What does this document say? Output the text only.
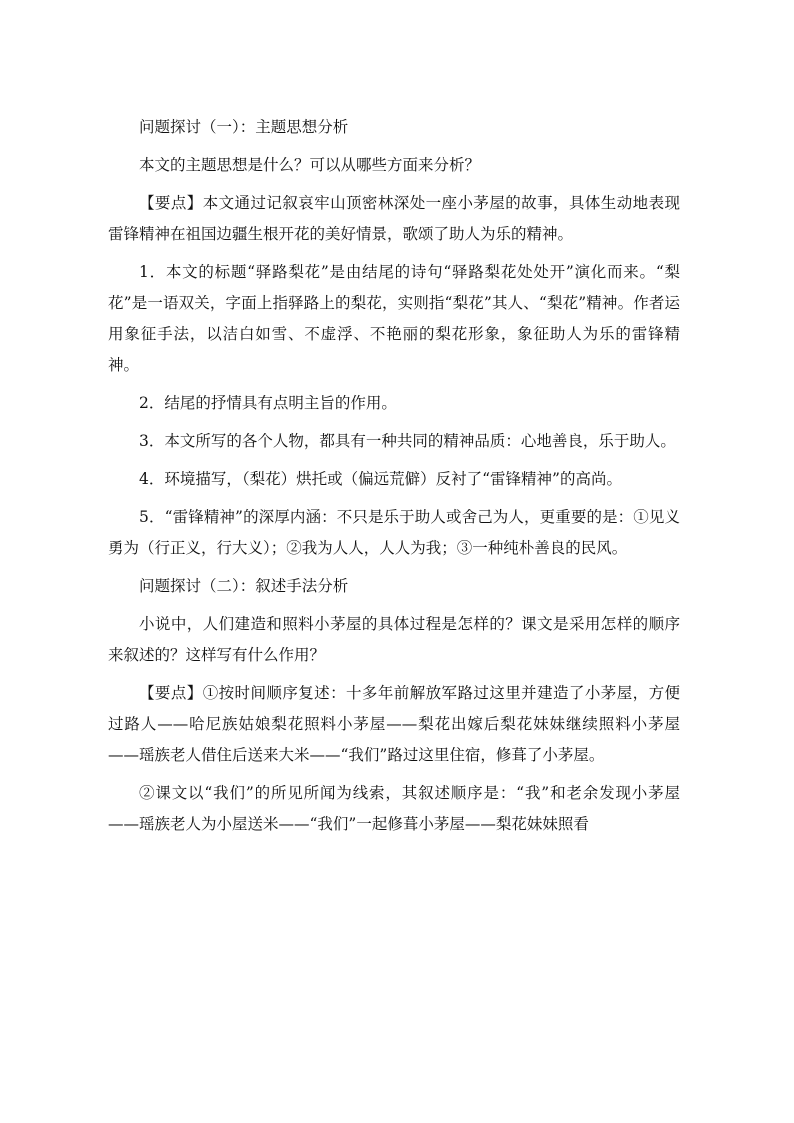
问题探讨（一）：主题思想分析

本文的主题思想是什么？可以从哪些方面来分析？

【要点】本文通过记叙哀牢山顶密林深处一座小茅屋的故事，具体生动地表现雷锋精神在祖国边疆生根开花的美好情景，歌颂了助人为乐的精神。

1．本文的标题“驿路梨花”是由结尾的诗句“驿路梨花处处开”演化而来。“梨花”是一语双关，字面上指驿路上的梨花，实则指“梨花”其人、“梨花”精神。作者运用象征手法，以洁白如雪、不虚浮、不艳丽的梨花形象，象征助人为乐的雷锋精神。

2．结尾的抒情具有点明主旨的作用。

3．本文所写的各个人物，都具有一种共同的精神品质：心地善良，乐于助人。

4．环境描写，（梨花）烘托或（偏远荒僻）反衬了“雷锋精神”的高尚。

5．“雷锋精神”的深厚内涵：不只是乐于助人或舍己为人，更重要的是：①见义勇为（行正义，行大义）；②我为人人，人人为我；③一种纯朴善良的民风。

问题探讨（二）：叙述手法分析

小说中，人们建造和照料小茅屋的具体过程是怎样的？课文是采用怎样的顺序来叙述的？这样写有什么作用？

【要点】①按时间顺序复述：十多年前解放军路过这里并建造了小茅屋，方便过路人——哈尼族姑娘梨花照料小茅屋——梨花出嫁后梨花妹妹继续照料小茅屋——瑶族老人借住后送来大米——“我们”路过这里住宿，修葺了小茅屋。

②课文以“我们”的所见所闻为线索，其叙述顺序是：“我”和老余发现小茅屋——瑶族老人为小屋送米——“我们”一起修葺小茅屋——梨花妹妹照看
